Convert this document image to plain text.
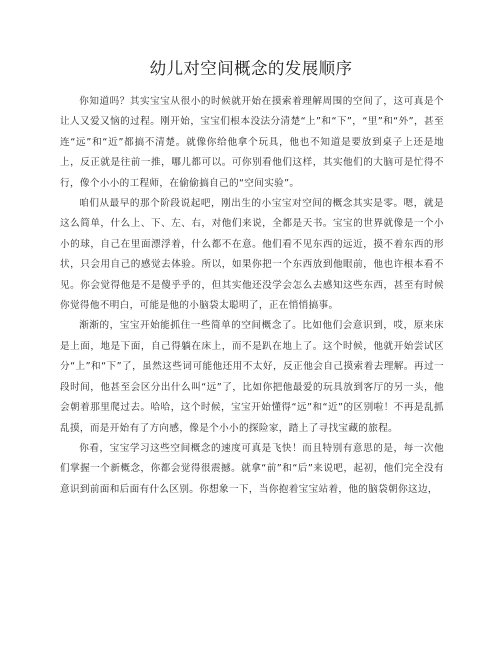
幼儿对空间概念的发展顺序

你知道吗？其实宝宝从很小的时候就开始在摸索着理解周围的空间了，这可真是个让人又爱又恼的过程。刚开始，宝宝们根本没法分清楚“上”和“下”，“里”和“外”，甚至连“远”和“近”都搞不清楚。就像你给他拿个玩具，他也不知道是要放到桌子上还是地上，反正就是往前一推，哪儿都可以。可你别看他们这样，其实他们的大脑可是忙得不行，像个小小的工程师，在偷偷搞自己的“空间实验”。

咱们从最早的那个阶段说起吧，刚出生的小宝宝对空间的概念其实是零。嗯，就是这么简单，什么上、下、左、右，对他们来说，全都是天书。宝宝的世界就像是一个小小的球，自己在里面漂浮着，什么都不在意。他们看不见东西的远近，摸不着东西的形状，只会用自己的感觉去体验。所以，如果你把一个东西放到他眼前，他也许根本看不见。你会觉得他是不是傻乎乎的，但其实他还没学会怎么去感知这些东西，甚至有时候你觉得他不明白，可能是他的小脑袋太聪明了，正在悄悄搞事。

渐渐的，宝宝开始能抓住一些简单的空间概念了。比如他们会意识到，哎，原来床是上面，地是下面，自己得躺在床上，而不是趴在地上了。这个时候，他就开始尝试区分“上”和“下”了，虽然这些词可能他还用不太好，反正他会自己摸索着去理解。再过一段时间，他甚至会区分出什么叫“远”了，比如你把他最爱的玩具放到客厅的另一头，他会朝着那里爬过去。哈哈，这个时候，宝宝开始懂得“远”和“近”的区别啦！不再是乱抓乱摸，而是开始有了方向感，像是个小小的探险家，踏上了寻找宝藏的旅程。

你看，宝宝学习这些空间概念的速度可真是飞快！而且特别有意思的是，每一次他们掌握一个新概念，你都会觉得很震撼。就拿“前”和“后”来说吧，起初，他们完全没有意识到前面和后面有什么区别。你想象一下，当你抱着宝宝站着，他的脑袋朝你这边，
